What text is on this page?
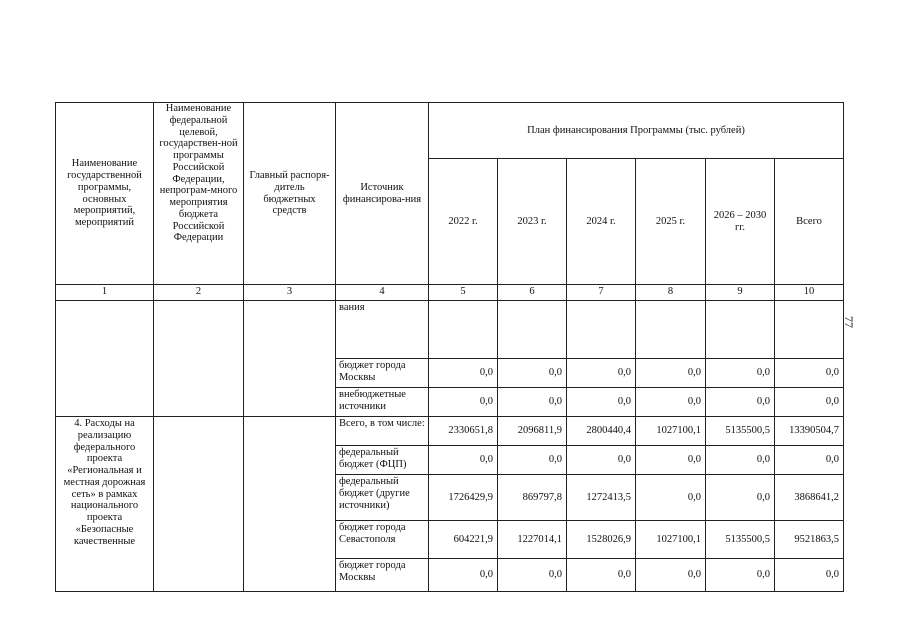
Наименование государственной программы, основных мероприятий, мероприятий	Наименование федеральной целевой, государствен-ной программы Российской Федерации, непрограм-много мероприятия бюджета Российской Федерации	Главный распоря-дитель бюджетных средств	Источник финансирова-ния	План финансирования Программы (тыс. рублей)					
				2022 г.	2023 г.	2024 г.	2025 г.	2026 – 2030 гг.	Всего
1	2	3	4	5	6	7	8	9	10
			вания						
			бюджет города Москвы	0,0	0,0	0,0	0,0	0,0	0,0
			внебюджетные источники	0,0	0,0	0,0	0,0	0,0	0,0
4. Расходы на реализацию федерального проекта «Региональная и местная дорожная сеть» в рамках национального проекта «Безопасные качественные			Всего, в том числе:	2330651,8	2096811,9	2800440,4	1027100,1	5135500,5	13390504,7
			федеральный бюджет (ФЦП)	0,0	0,0	0,0	0,0	0,0	0,0
			федеральный бюджет (другие источники)	1726429,9	869797,8	1272413,5	0,0	0,0	3868641,2
			бюджет города Севастополя	604221,9	1227014,1	1528026,9	1027100,1	5135500,5	9521863,5
			бюджет города Москвы	0,0	0,0	0,0	0,0	0,0	0,0
77
